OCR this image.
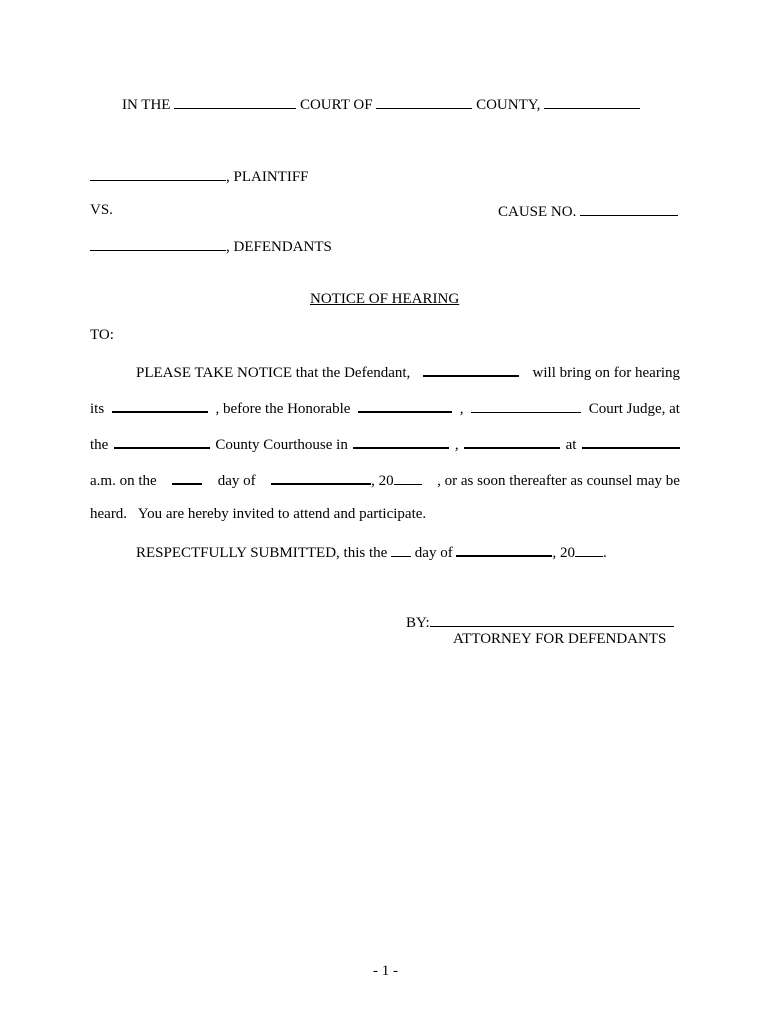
IN THE	COURT OF	COUNTY,
, PLAINTIFF
VS.	CAUSE NO.
, DEFENDANTS
NOTICE OF HEARING
TO:
PLEASE TAKE NOTICE that the Defendant,	will bring on for hearing
its	, before the Honorable	,	Court Judge, at
the	County Courthouse in	,	at
a.m. on the	day of	, 20	, or as soon thereafter as counsel may be
heard.   You are hereby invited to attend and participate.
RESPECTFULLY SUBMITTED, this the day of	, 20 .
BY:
ATTORNEY FOR DEFENDANTS
- 1 -
